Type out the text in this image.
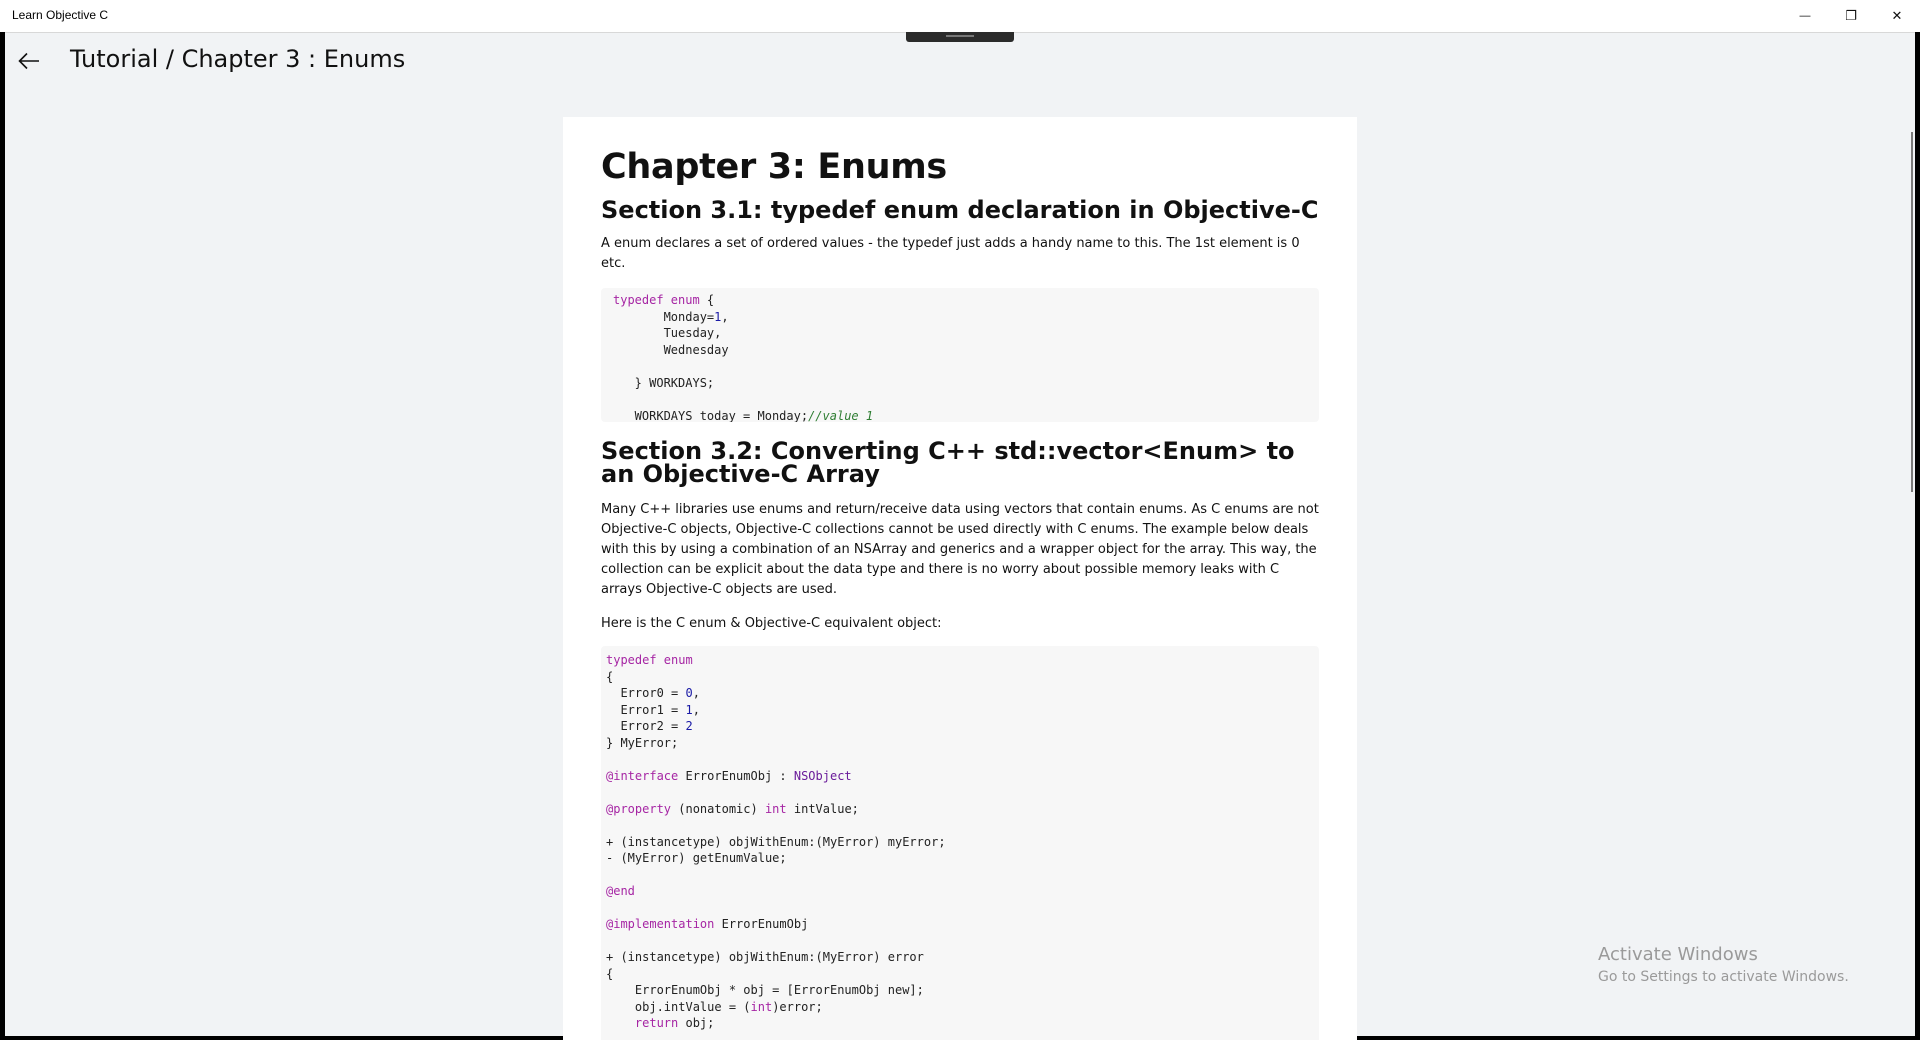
Learn Objective C	—	❐	✕
Tutorial / Chapter 3 : Enums
Chapter 3: Enums
Section 3.1: typedef enum declaration in Objective-C

A enum declares a set of ordered values - the typedef just adds a handy name to this. The 1st element is 0 etc.

typedef enum {
Monday=1,
Tuesday,
Wednesday

} WORKDAYS;

WORKDAYS today = Monday;//value 1
Section 3.2: Converting C++ std::vector<Enum> to an Objective-C Array

Many C++ libraries use enums and return/receive data using vectors that contain enums. As C enums are not Objective-C objects, Objective-C collections cannot be used directly with C enums. The example below deals with this by using a combination of an NSArray and generics and a wrapper object for the array. This way, the collection can be explicit about the data type and there is no worry about possible memory leaks with C arrays Objective-C objects are used.

Here is the C enum & Objective-C equivalent object:

typedef enum
{
Error0 = 0,
Error1 = 1,
Error2 = 2
} MyError;

@interface ErrorEnumObj : NSObject

@property (nonatomic) int intValue;

+ (instancetype) objWithEnum:(MyError) myError;
- (MyError) getEnumValue;

@end

@implementation ErrorEnumObj

+ (instancetype) objWithEnum:(MyError) error
{
ErrorEnumObj * obj = [ErrorEnumObj new];
obj.intValue = (int)error;
return obj;
Activate Windows
Go to Settings to activate Windows.
